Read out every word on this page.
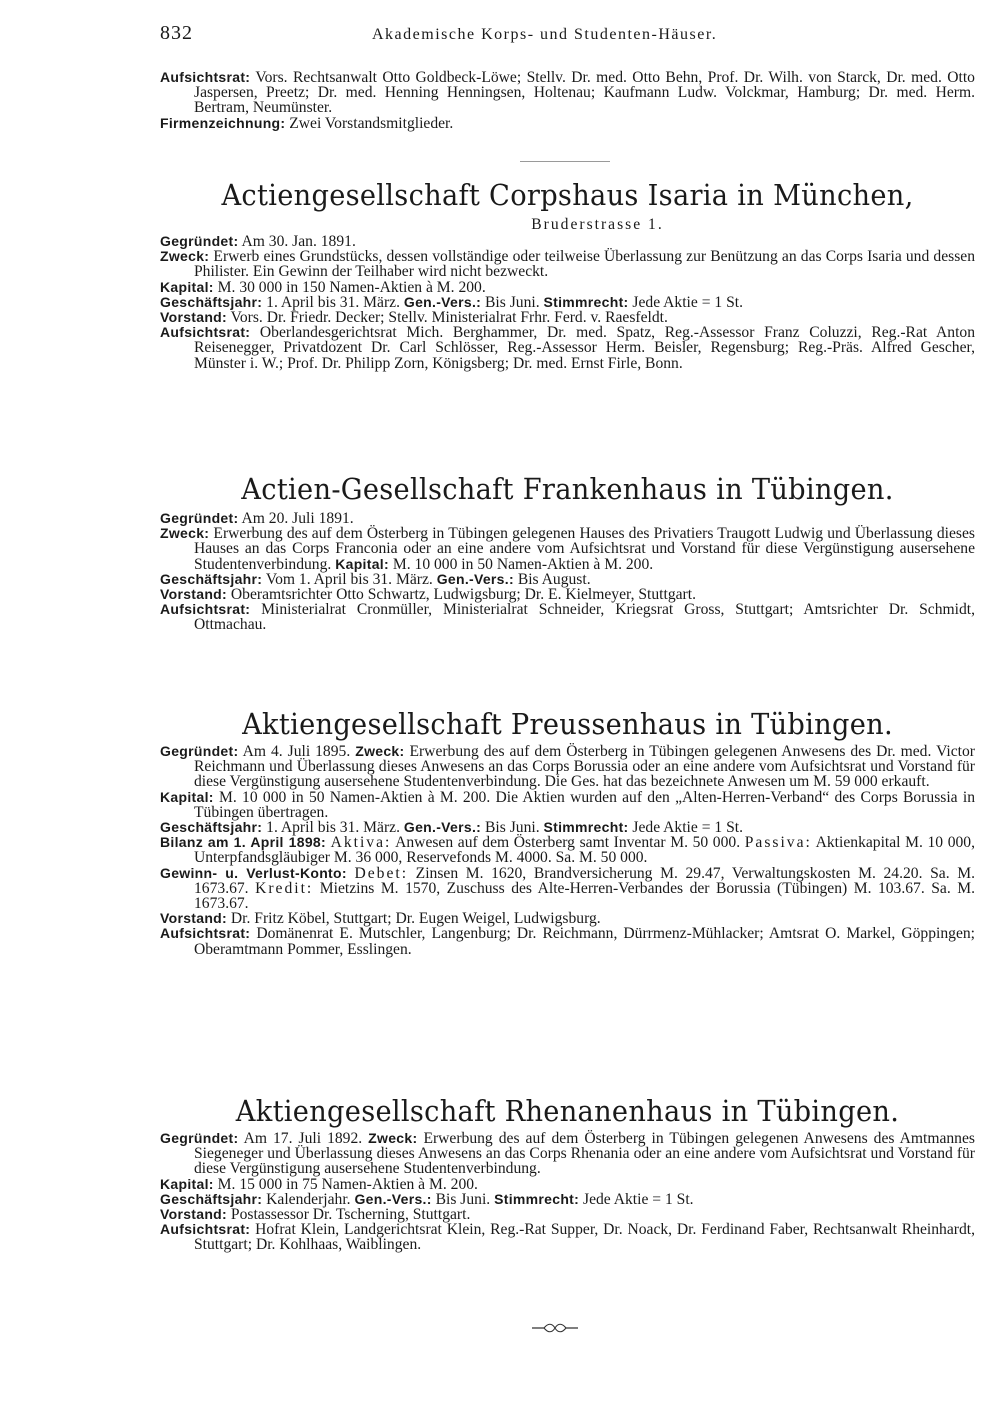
832	Akademische Korps- und Studenten-Häuser.

Aufsichtsrat: Vors. Rechtsanwalt Otto Goldbeck-Löwe; Stellv. Dr. med. Otto Behn, Prof. Dr. Wilh. von Starck, Dr. med. Otto Jaspersen, Preetz; Dr. med. Henning Henningsen, Holtenau; Kaufmann Ludw. Volckmar, Hamburg; Dr. med. Herm. Bertram, Neumünster.

Firmenzeichnung: Zwei Vorstandsmitglieder.

Actiengesellschaft Corpshaus Isaria in München,
Bruderstrasse 1.

Gegründet: Am 30. Jan. 1891.

Zweck: Erwerb eines Grundstücks, dessen vollständige oder teilweise Überlassung zur Benützung an das Corps Isaria und dessen Philister. Ein Gewinn der Teilhaber wird nicht bezweckt.

Kapital: M. 30 000 in 150 Namen-Aktien à M. 200.

Geschäftsjahr: 1. April bis 31. März. Gen.-Vers.: Bis Juni. Stimmrecht: Jede Aktie = 1 St.

Vorstand: Vors. Dr. Friedr. Decker; Stellv. Ministerialrat Frhr. Ferd. v. Raesfeldt.

Aufsichtsrat: Oberlandesgerichtsrat Mich. Berghammer, Dr. med. Spatz, Reg.-Assessor Franz Coluzzi, Reg.-Rat Anton Reisenegger, Privatdozent Dr. Carl Schlösser, Reg.-Assessor Herm. Beisler, Regensburg; Reg.-Präs. Alfred Gescher, Münster i. W.; Prof. Dr. Philipp Zorn, Königsberg; Dr. med. Ernst Firle, Bonn.

Actien-Gesellschaft Frankenhaus in Tübingen.

Gegründet: Am 20. Juli 1891.

Zweck: Erwerbung des auf dem Österberg in Tübingen gelegenen Hauses des Privatiers Traugott Ludwig und Überlassung dieses Hauses an das Corps Franconia oder an eine andere vom Aufsichtsrat und Vorstand für diese Vergünstigung ausersehene Studentenverbindung. Kapital: M. 10 000 in 50 Namen-Aktien à M. 200.

Geschäftsjahr: Vom 1. April bis 31. März. Gen.-Vers.: Bis August.

Vorstand: Oberamtsrichter Otto Schwartz, Ludwigsburg; Dr. E. Kielmeyer, Stuttgart.

Aufsichtsrat: Ministerialrat Cronmüller, Ministerialrat Schneider, Kriegsrat Gross, Stuttgart; Amtsrichter Dr. Schmidt, Ottmachau.

Aktiengesellschaft Preussenhaus in Tübingen.

Gegründet: Am 4. Juli 1895. Zweck: Erwerbung des auf dem Österberg in Tübingen gelegenen Anwesens des Dr. med. Victor Reichmann und Überlassung dieses Anwesens an das Corps Borussia oder an eine andere vom Aufsichtsrat und Vorstand für diese Vergünstigung ausersehene Studentenverbindung. Die Ges. hat das bezeichnete Anwesen um M. 59 000 erkauft.

Kapital: M. 10 000 in 50 Namen-Aktien à M. 200. Die Aktien wurden auf den „Alten-Herren-Verband“ des Corps Borussia in Tübingen übertragen.

Geschäftsjahr: 1. April bis 31. März. Gen.-Vers.: Bis Juni. Stimmrecht: Jede Aktie = 1 St.

Bilanz am 1. April 1898: Aktiva: Anwesen auf dem Österberg samt Inventar M. 50 000. Passiva: Aktienkapital M. 10 000, Unterpfandsgläubiger M. 36 000, Reservefonds M. 4000. Sa. M. 50 000.

Gewinn- u. Verlust-Konto: Debet: Zinsen M. 1620, Brandversicherung M. 29.47, Verwaltungskosten M. 24.20. Sa. M. 1673.67. Kredit: Mietzins M. 1570, Zuschuss des Alte-Herren-Verbandes der Borussia (Tübingen) M. 103.67. Sa. M. 1673.67.

Vorstand: Dr. Fritz Köbel, Stuttgart; Dr. Eugen Weigel, Ludwigsburg.

Aufsichtsrat: Domänenrat E. Mutschler, Langenburg; Dr. Reichmann, Dürrmenz-Mühlacker; Amtsrat O. Markel, Göppingen; Oberamtmann Pommer, Esslingen.

Aktiengesellschaft Rhenanenhaus in Tübingen.

Gegründet: Am 17. Juli 1892. Zweck: Erwerbung des auf dem Österberg in Tübingen gelegenen Anwesens des Amtmannes Siegeneger und Überlassung dieses Anwesens an das Corps Rhenania oder an eine andere vom Aufsichtsrat und Vorstand für diese Vergünstigung ausersehene Studentenverbindung.

Kapital: M. 15 000 in 75 Namen-Aktien à M. 200.

Geschäftsjahr: Kalenderjahr. Gen.-Vers.: Bis Juni. Stimmrecht: Jede Aktie = 1 St.

Vorstand: Postassessor Dr. Tscherning, Stuttgart.

Aufsichtsrat: Hofrat Klein, Landgerichtsrat Klein, Reg.-Rat Supper, Dr. Noack, Dr. Ferdinand Faber, Rechtsanwalt Rheinhardt, Stuttgart; Dr. Kohlhaas, Waiblingen.
